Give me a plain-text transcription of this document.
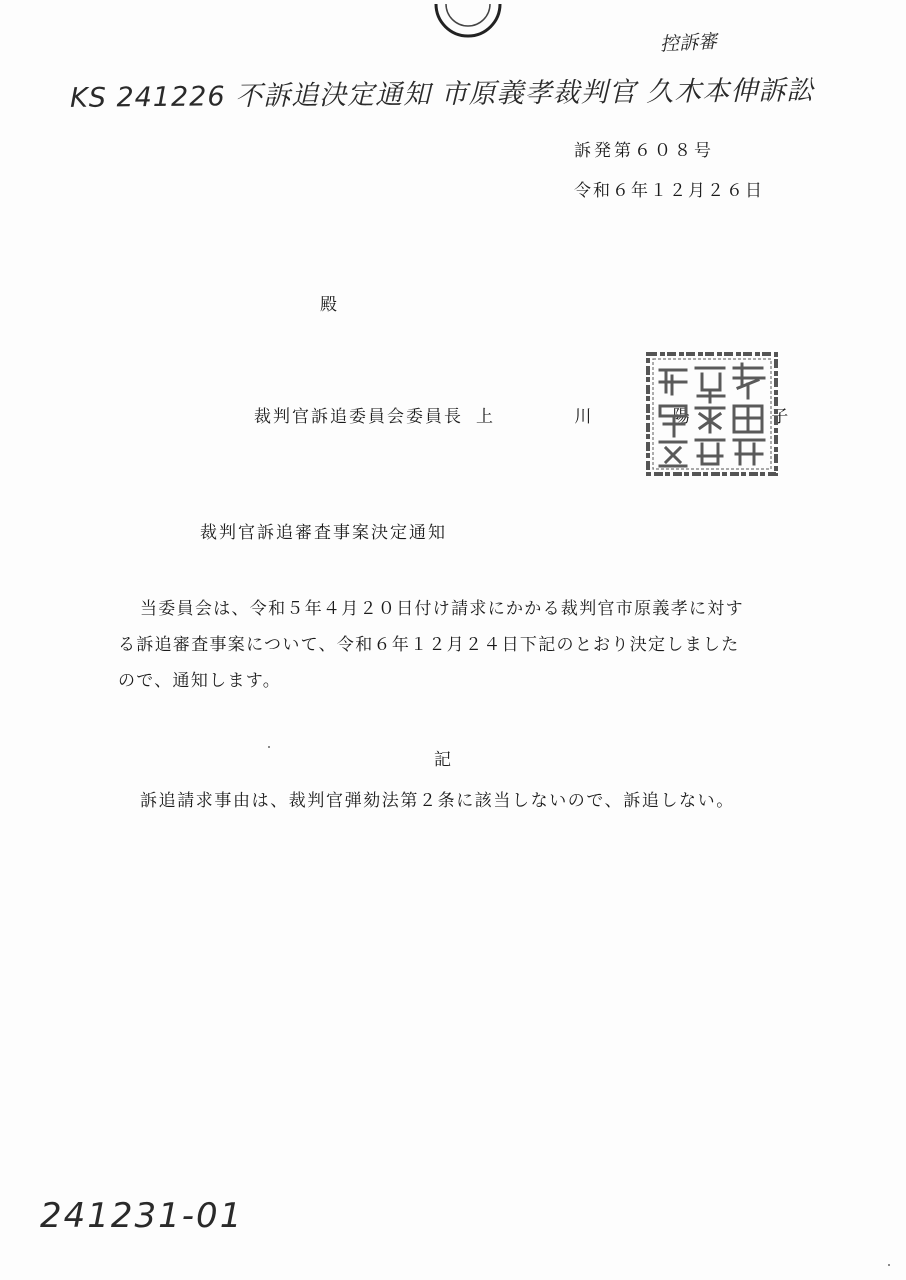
控訴審
KS 241226 不訴追決定通知 市原義孝裁判官 久木本伸訴訟
訴発第６０８号
令和６年１２月２６日
殿
裁判官訴追委員会委員長 上 川 陽 子
裁判官訴追審査事案決定通知
当委員会は、令和５年４月２０日付け請求にかかる裁判官市原義孝に対す
る訴追審査事案について、令和６年１２月２４日下記のとおり決定しました
ので、通知します。
記
訴追請求事由は、裁判官弾劾法第２条に該当しないので、訴追しない。
241231-01
